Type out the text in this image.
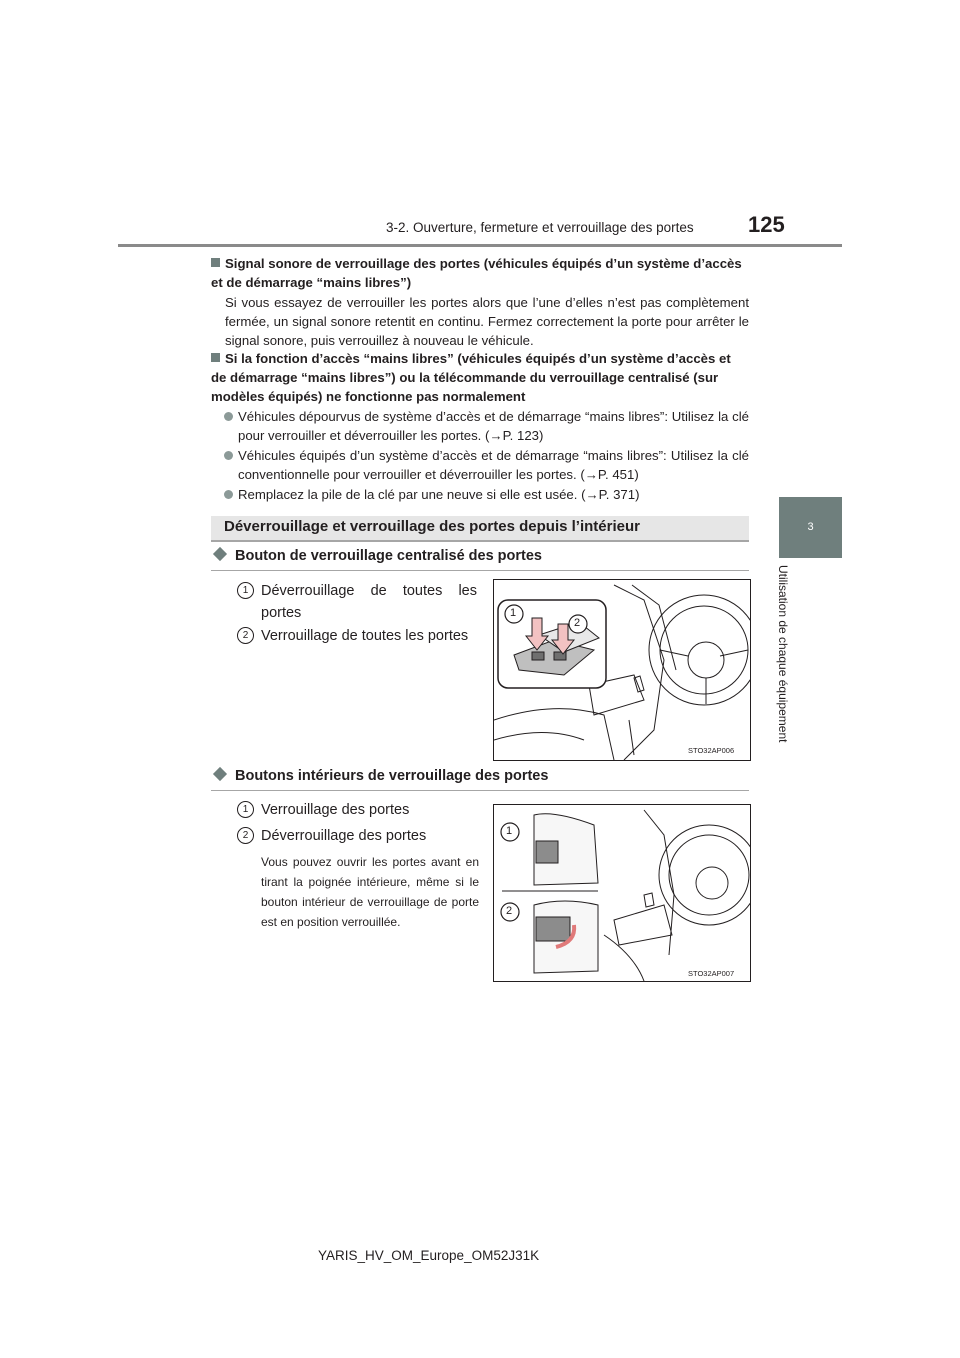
3-2. Ouverture, fermeture et verrouillage des portes 125
3
Utilisation de chaque équipement
Signal sonore de verrouillage des portes (véhicules équipés d’un système d’accès et de démarrage “mains libres”)
Si vous essayez de verrouiller les portes alors que l’une d’elles n’est pas complètement fermée, un signal sonore retentit en continu. Fermez correctement la porte pour arrêter le signal sonore, puis verrouillez à nouveau le véhicule.
Si la fonction d’accès “mains libres” (véhicules équipés d’un système d’accès et de démarrage “mains libres”) ou la télécommande du verrouillage centralisé (sur modèles équipés) ne fonctionne pas normalement
Véhicules dépourvus de système d’accès et de démarrage “mains libres”: Utilisez la clé pour verrouiller et déverrouiller les portes. (→P. 123)
Véhicules équipés d’un système d’accès et de démarrage “mains libres”: Utilisez la clé conventionnelle pour verrouiller et déverrouiller les portes. (→P. 451)
Remplacez la pile de la clé par une neuve si elle est usée. (→P. 371)
Déverrouillage et verrouillage des portes depuis l’intérieur
Bouton de verrouillage centralisé des portes
1 Déverrouillage de toutes les portes
2 Verrouillage de toutes les portes
1
2
STO32AP006
Boutons intérieurs de verrouillage des portes
1 Verrouillage des portes
2 Déverrouillage des portes
Vous pouvez ouvrir les portes avant en tirant la poignée intérieure, même si le bouton intérieur de verrouillage de porte est en position verrouillée.
1
2
STO32AP007
YARIS_HV_OM_Europe_OM52J31K
